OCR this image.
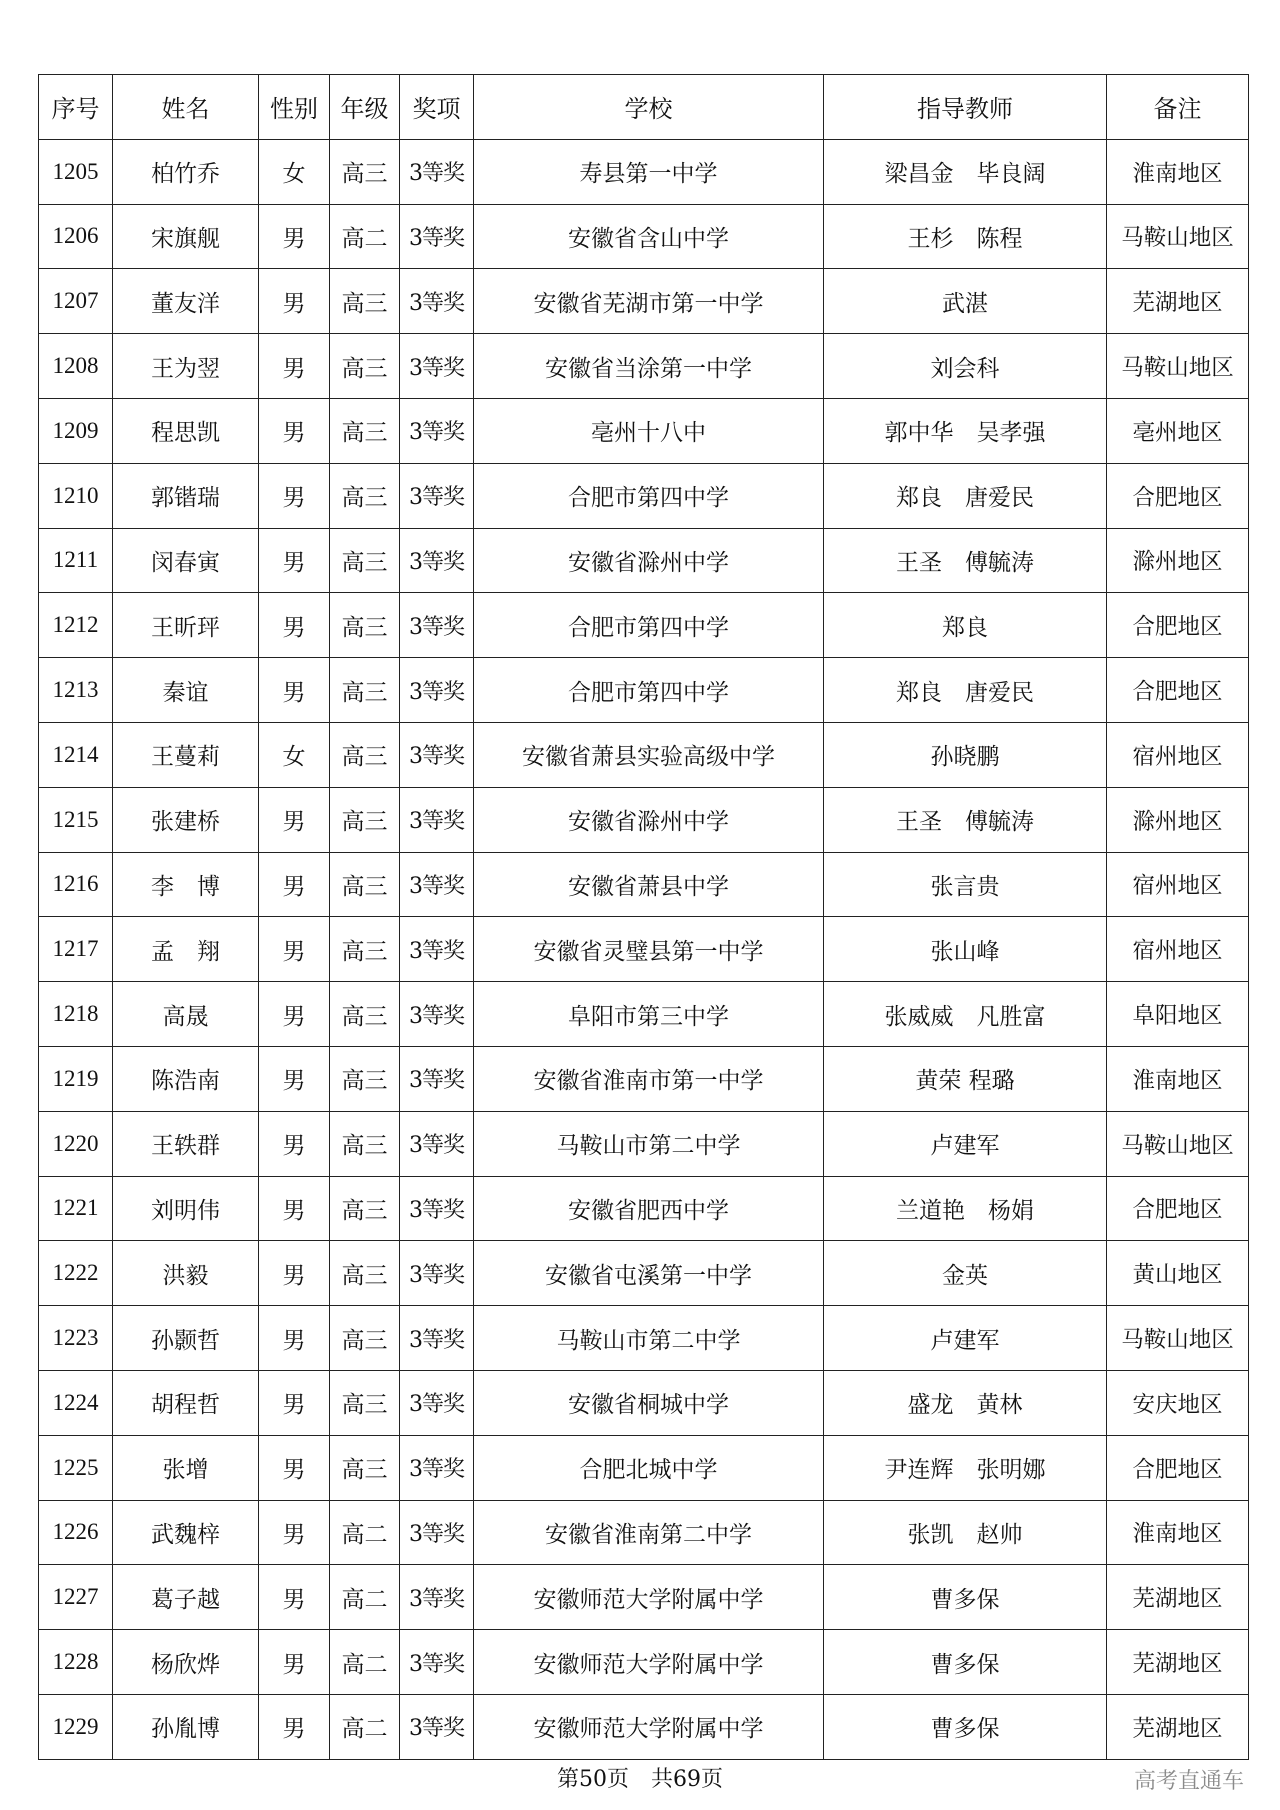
序号	姓名	性别	年级	奖项	学校	指导教师	备注
1205	柏竹乔	女	高三	3等奖	寿县第一中学	梁昌金　毕良阔	淮南地区
1206	宋旗舰	男	高二	3等奖	安徽省含山中学	王杉　陈程	马鞍山地区
1207	董友洋	男	高三	3等奖	安徽省芜湖市第一中学	武湛	芜湖地区
1208	王为翌	男	高三	3等奖	安徽省当涂第一中学	刘会科	马鞍山地区
1209	程思凯	男	高三	3等奖	亳州十八中	郭中华　吴孝强	亳州地区
1210	郭锴瑞	男	高三	3等奖	合肥市第四中学	郑良　唐爱民	合肥地区
1211	闵春寅	男	高三	3等奖	安徽省滁州中学	王圣　傅毓涛	滁州地区
1212	王昕玶	男	高三	3等奖	合肥市第四中学	郑良	合肥地区
1213	秦谊	男	高三	3等奖	合肥市第四中学	郑良　唐爱民	合肥地区
1214	王蔓莉	女	高三	3等奖	安徽省萧县实验高级中学	孙晓鹏	宿州地区
1215	张建桥	男	高三	3等奖	安徽省滁州中学	王圣　傅毓涛	滁州地区
1216	李　博	男	高三	3等奖	安徽省萧县中学	张言贵	宿州地区
1217	孟　翔	男	高三	3等奖	安徽省灵璧县第一中学	张山峰	宿州地区
1218	高晟	男	高三	3等奖	阜阳市第三中学	张威威　凡胜富	阜阳地区
1219	陈浩南	男	高三	3等奖	安徽省淮南市第一中学	黄荣 程璐	淮南地区
1220	王轶群	男	高三	3等奖	马鞍山市第二中学	卢建军	马鞍山地区
1221	刘明伟	男	高三	3等奖	安徽省肥西中学	兰道艳　杨娟	合肥地区
1222	洪毅	男	高三	3等奖	安徽省屯溪第一中学	金英	黄山地区
1223	孙颢哲	男	高三	3等奖	马鞍山市第二中学	卢建军	马鞍山地区
1224	胡程哲	男	高三	3等奖	安徽省桐城中学	盛龙　黄林	安庆地区
1225	张增	男	高三	3等奖	合肥北城中学	尹连辉　张明娜	合肥地区
1226	武魏梓	男	高二	3等奖	安徽省淮南第二中学	张凯　赵帅	淮南地区
1227	葛子越	男	高二	3等奖	安徽师范大学附属中学	曹多保	芜湖地区
1228	杨欣烨	男	高二	3等奖	安徽师范大学附属中学	曹多保	芜湖地区
1229	孙胤博	男	高二	3等奖	安徽师范大学附属中学	曹多保	芜湖地区
第50页　共69页	高考直通车
